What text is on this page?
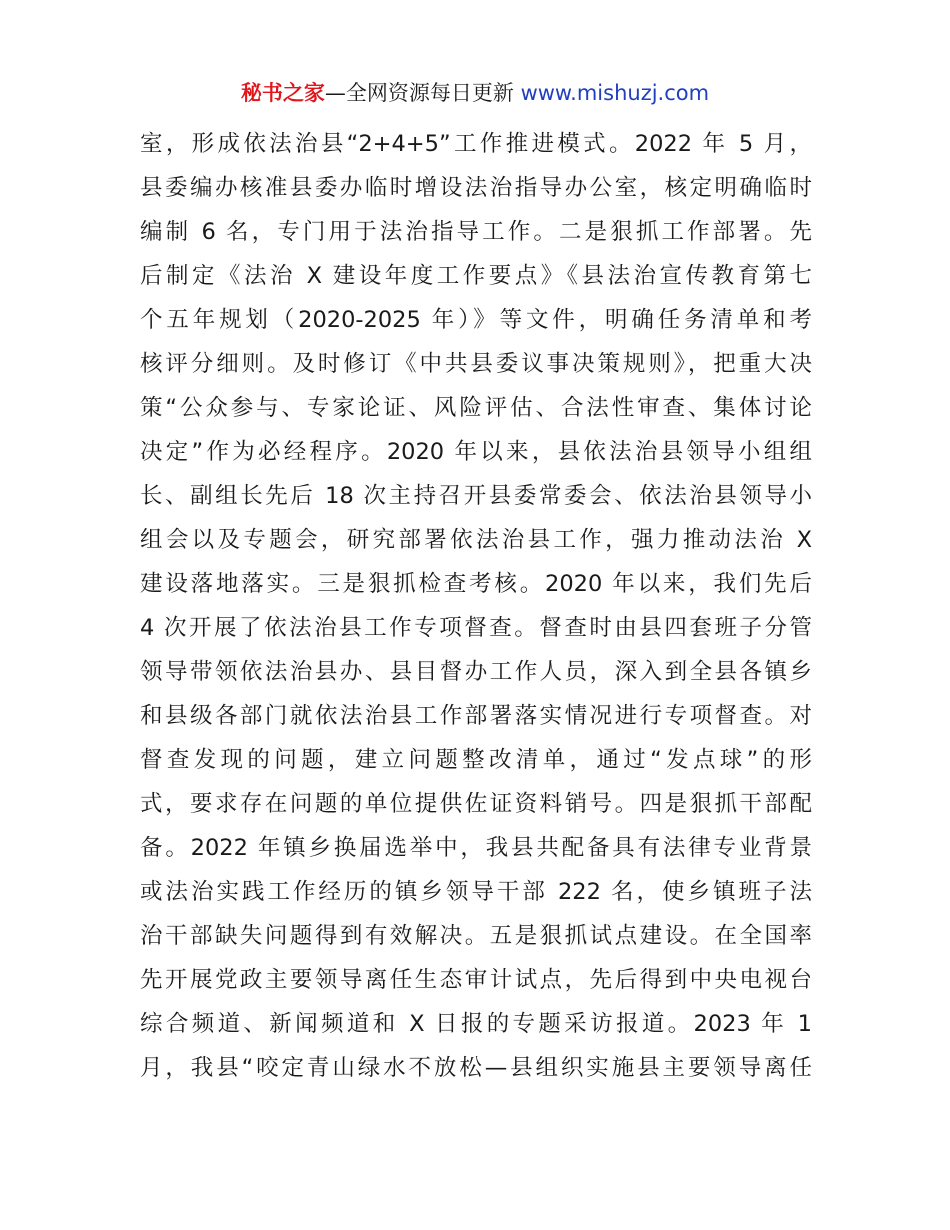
秘书之家—全网资源每日更新 www.mishuzj.com
室，形成依法治县“2+4+5”工作推进模式。2022 年 5 月，
县委编办核准县委办临时增设法治指导办公室，核定明确临时
编制 6 名，专门用于法治指导工作。二是狠抓工作部署。先
后制定《法治 X 建设年度工作要点》《县法治宣传教育第七
个五年规划（2020-2025 年）》等文件，明确任务清单和考
核评分细则。及时修订《中共县委议事决策规则》，把重大决
策“公众参与、专家论证、风险评估、合法性审查、集体讨论
决定”作为必经程序。2020 年以来，县依法治县领导小组组
长、副组长先后 18 次主持召开县委常委会、依法治县领导小
组会以及专题会，研究部署依法治县工作，强力推动法治 X
建设落地落实。三是狠抓检查考核。2020 年以来，我们先后
4 次开展了依法治县工作专项督查。督查时由县四套班子分管
领导带领依法治县办、县目督办工作人员，深入到全县各镇乡
和县级各部门就依法治县工作部署落实情况进行专项督查。对
督查发现的问题，建立问题整改清单，通过“发点球”的形
式，要求存在问题的单位提供佐证资料销号。四是狠抓干部配
备。2022 年镇乡换届选举中，我县共配备具有法律专业背景
或法治实践工作经历的镇乡领导干部 222 名，使乡镇班子法
治干部缺失问题得到有效解决。五是狠抓试点建设。在全国率
先开展党政主要领导离任生态审计试点，先后得到中央电视台
综合频道、新闻频道和 X 日报的专题采访报道。2023 年 1
月，我县“咬定青山绿水不放松—县组织实施县主要领导离任
